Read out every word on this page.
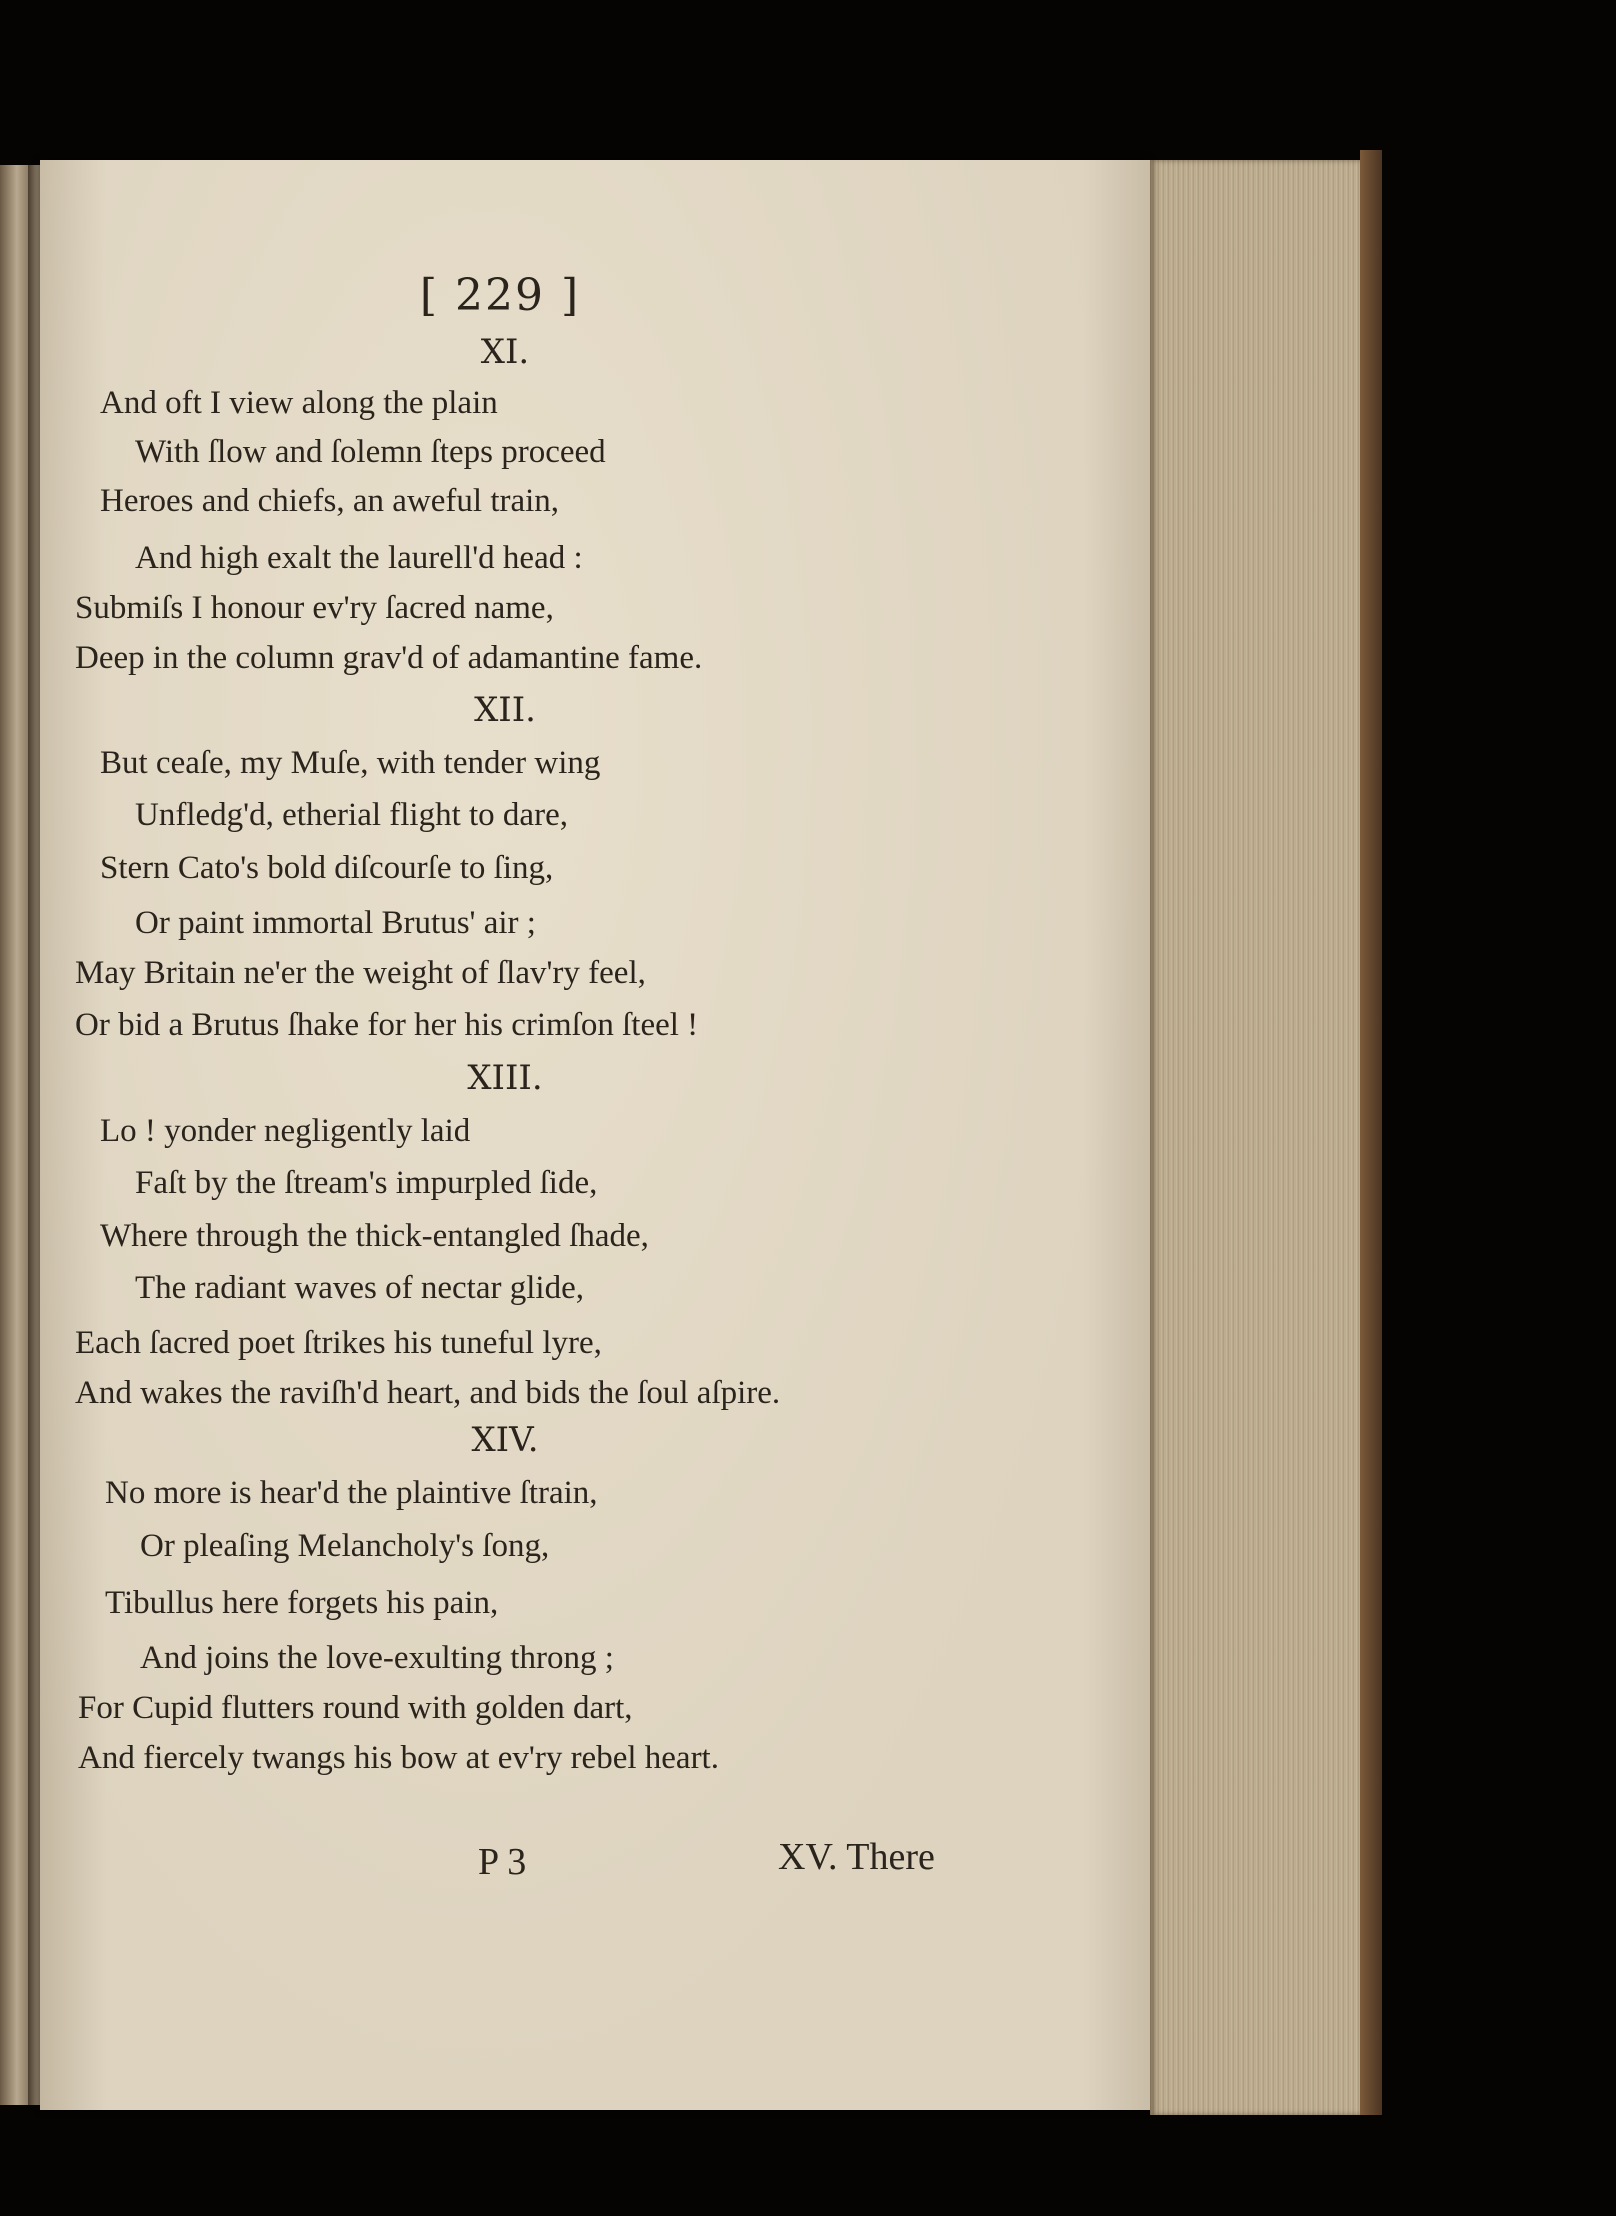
[ 229 ]
XI.
And oft I view along the plain
With ſlow and ſolemn ſteps proceed
Heroes and chiefs, an aweful train,
And high exalt the laurell'd head :
Submiſs I honour ev'ry ſacred name,
Deep in the column grav'd of adamantine fame.
XII.
But ceaſe, my Muſe, with tender wing
Unfledg'd, etherial flight to dare,
Stern Cato's bold diſcourſe to ſing,
Or paint immortal Brutus' air ;
May Britain ne'er the weight of ſlav'ry feel,
Or bid a Brutus ſhake for her his crimſon ſteel !
XIII.
Lo ! yonder negligently laid
Faſt by the ſtream's impurpled ſide,
Where through the thick-entangled ſhade,
The radiant waves of nectar glide,
Each ſacred poet ſtrikes his tuneful lyre,
And wakes the raviſh'd heart, and bids the ſoul aſpire.
XIV.
No more is hear'd the plaintive ſtrain,
Or pleaſing Melancholy's ſong,
Tibullus here forgets his pain,
And joins the love-exulting throng ;
For Cupid flutters round with golden dart,
And fiercely twangs his bow at ev'ry rebel heart.
P 3	XV. There
